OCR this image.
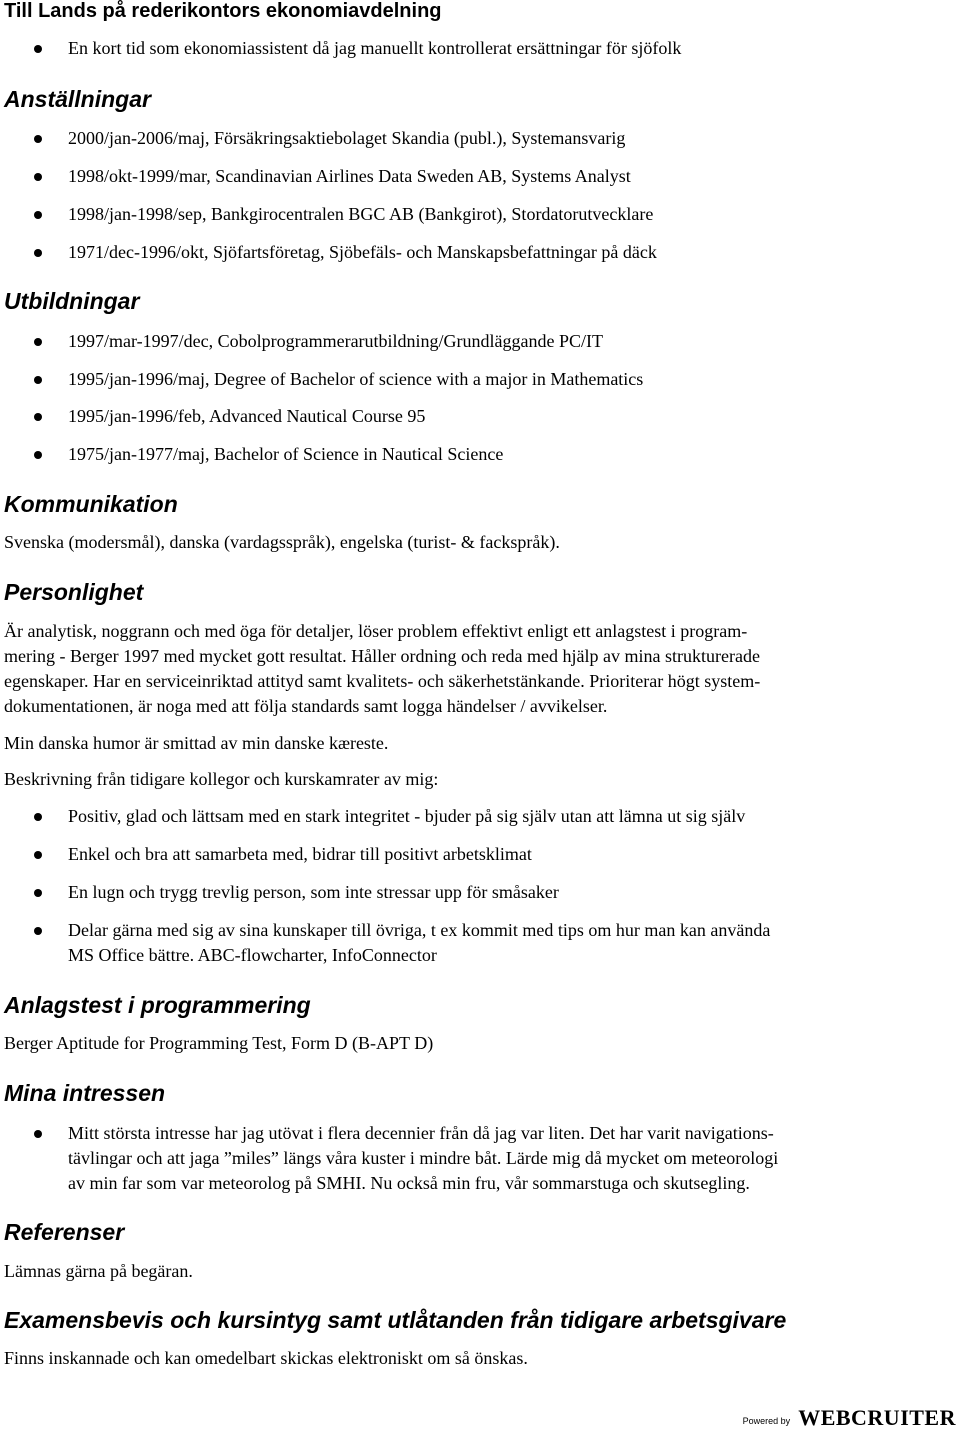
Till Lands på rederikontors ekonomiavdelning

En kort tid som ekonomiassistent då jag manuellt kontrollerat ersättningar för sjöfolk

Anställningar

2000/jan-2006/maj, Försäkringsaktiebolaget Skandia (publ.), Systemansvarig

1998/okt-1999/mar, Scandinavian Airlines Data Sweden AB, Systems Analyst

1998/jan-1998/sep, Bankgirocentralen BGC AB (Bankgirot), Stordatorutvecklare

1971/dec-1996/okt, Sjöfartsföretag, Sjöbefäls- och Manskapsbefattningar på däck

Utbildningar

1997/mar-1997/dec, Cobolprogrammerarutbildning/Grundläggande PC/IT

1995/jan-1996/maj, Degree of Bachelor of science with a major in Mathematics

1995/jan-1996/feb, Advanced Nautical Course 95

1975/jan-1977/maj, Bachelor of Science in Nautical Science

Kommunikation

Svenska (modersmål), danska (vardagsspråk), engelska (turist- & fackspråk).

Personlighet

Är analytisk, noggrann och med öga för detaljer, löser problem effektivt enligt ett anlagstest i program-
mering - Berger 1997 med mycket gott resultat. Håller ordning och reda med hjälp av mina strukturerade
egenskaper. Har en serviceinriktad attityd samt kvalitets- och säkerhetstänkande. Prioriterar högt system-
dokumentationen, är noga med att följa standards samt logga händelser / avvikelser.

Min danska humor är smittad av min danske kæreste.

Beskrivning från tidigare kollegor och kurskamrater av mig:

Positiv, glad och lättsam med en stark integritet - bjuder på sig själv utan att lämna ut sig själv

Enkel och bra att samarbeta med, bidrar till positivt arbetsklimat

En lugn och trygg trevlig person, som inte stressar upp för småsaker

Delar gärna med sig av sina kunskaper till övriga, t ex kommit med tips om hur man kan använda
MS Office bättre. ABC-flowcharter, InfoConnector

Anlagstest i programmering

Berger Aptitude for Programming Test, Form D (B-APT D)

Mina intressen

Mitt största intresse har jag utövat i flera decennier från då jag var liten. Det har varit navigations-
tävlingar och att jaga ”miles” längs våra kuster i mindre båt. Lärde mig då mycket om meteorologi
av min far som var meteorolog på SMHI. Nu också min fru, vår sommarstuga och skutsegling.

Referenser

Lämnas gärna på begäran.

Examensbevis och kursintyg samt utlåtanden från tidigare arbetsgivare

Finns inskannade och kan omedelbart skickas elektroniskt om så önskas.

Powered by WEBCRUITER
